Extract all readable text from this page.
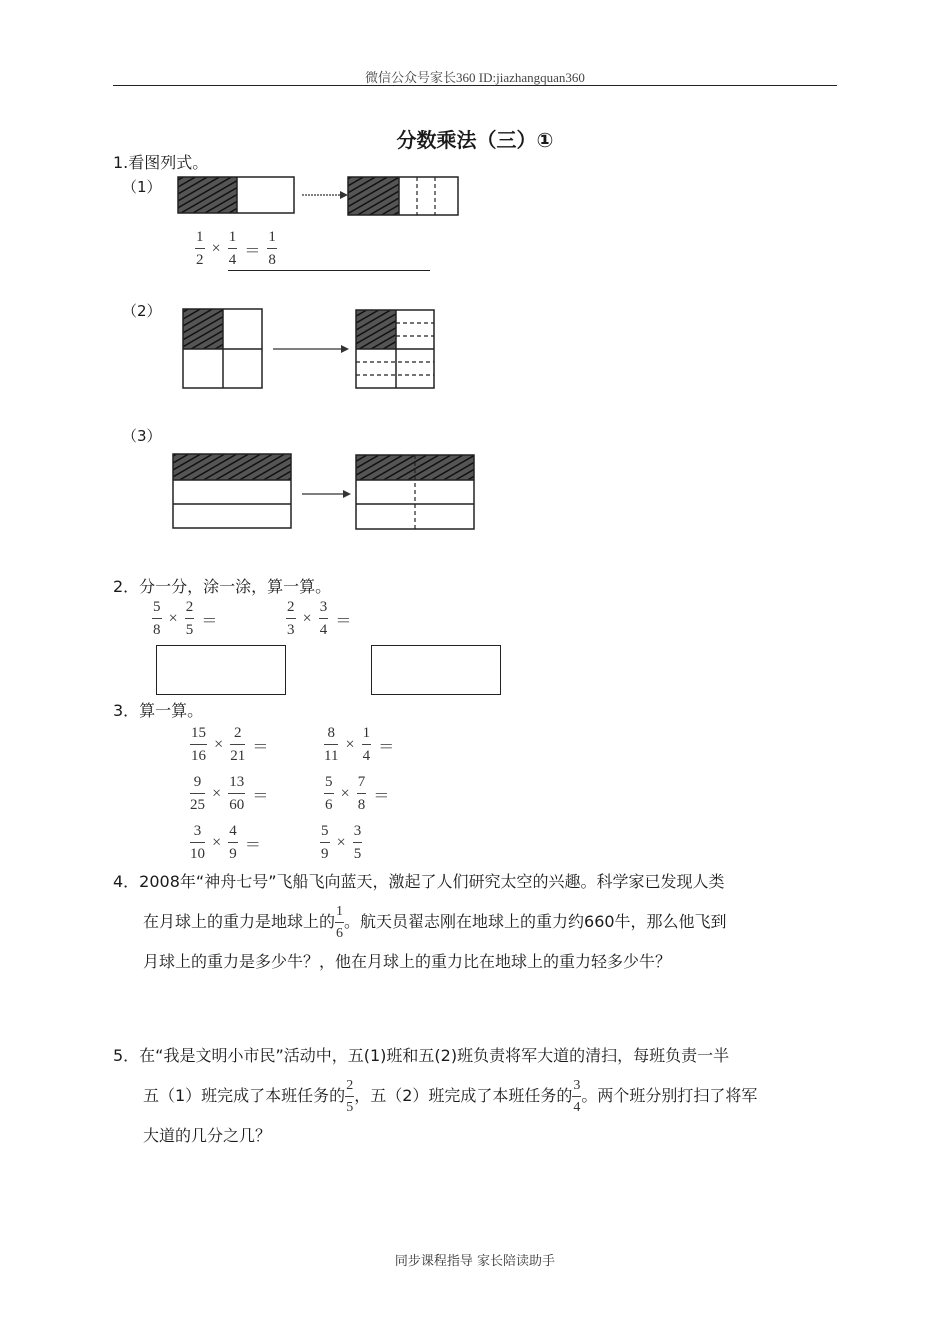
微信公众号家长360 ID:jiazhangquan360
分数乘法（三）①
1.看图列式。
（1）
$\frac{1}{2} \times \frac{1}{4} = \frac{1}{8}$
（2）
（3）
2．分一分，涂一涂，算一算。
$\frac{5}{8} \times \frac{2}{5}$ ＝	$\frac{2}{3} \times \frac{3}{4}$ ＝
3．算一算。
$\frac{15}{16} \times \frac{2}{21}$ ＝	$\frac{8}{11} \times \frac{1}{4}$ ＝
$\frac{9}{25} \times \frac{13}{60}$ ＝	$\frac{5}{6} \times \frac{7}{8}$ ＝
$\frac{3}{10} \times \frac{4}{9}$ ＝	$\frac{5}{9} \times \frac{3}{5}$
4．2008年“神舟七号”飞船飞向蓝天，激起了人们研究太空的兴趣。科学家已发现人类
在月球上的重力是地球上的 $\frac{1}{6}$ 。航天员翟志刚在地球上的重力约660牛，那么他飞到
月球上的重力是多少牛？，他在月球上的重力比在地球上的重力轻多少牛？
5．在“我是文明小市民”活动中，五(1)班和五(2)班负责将军大道的清扫，每班负责一半
五（1）班完成了本班任务的 $\frac{2}{5}$ ，五（2）班完成了本班任务的 $\frac{3}{4}$ 。两个班分别打扫了将军
大道的几分之几？
同步课程指导 家长陪读助手
